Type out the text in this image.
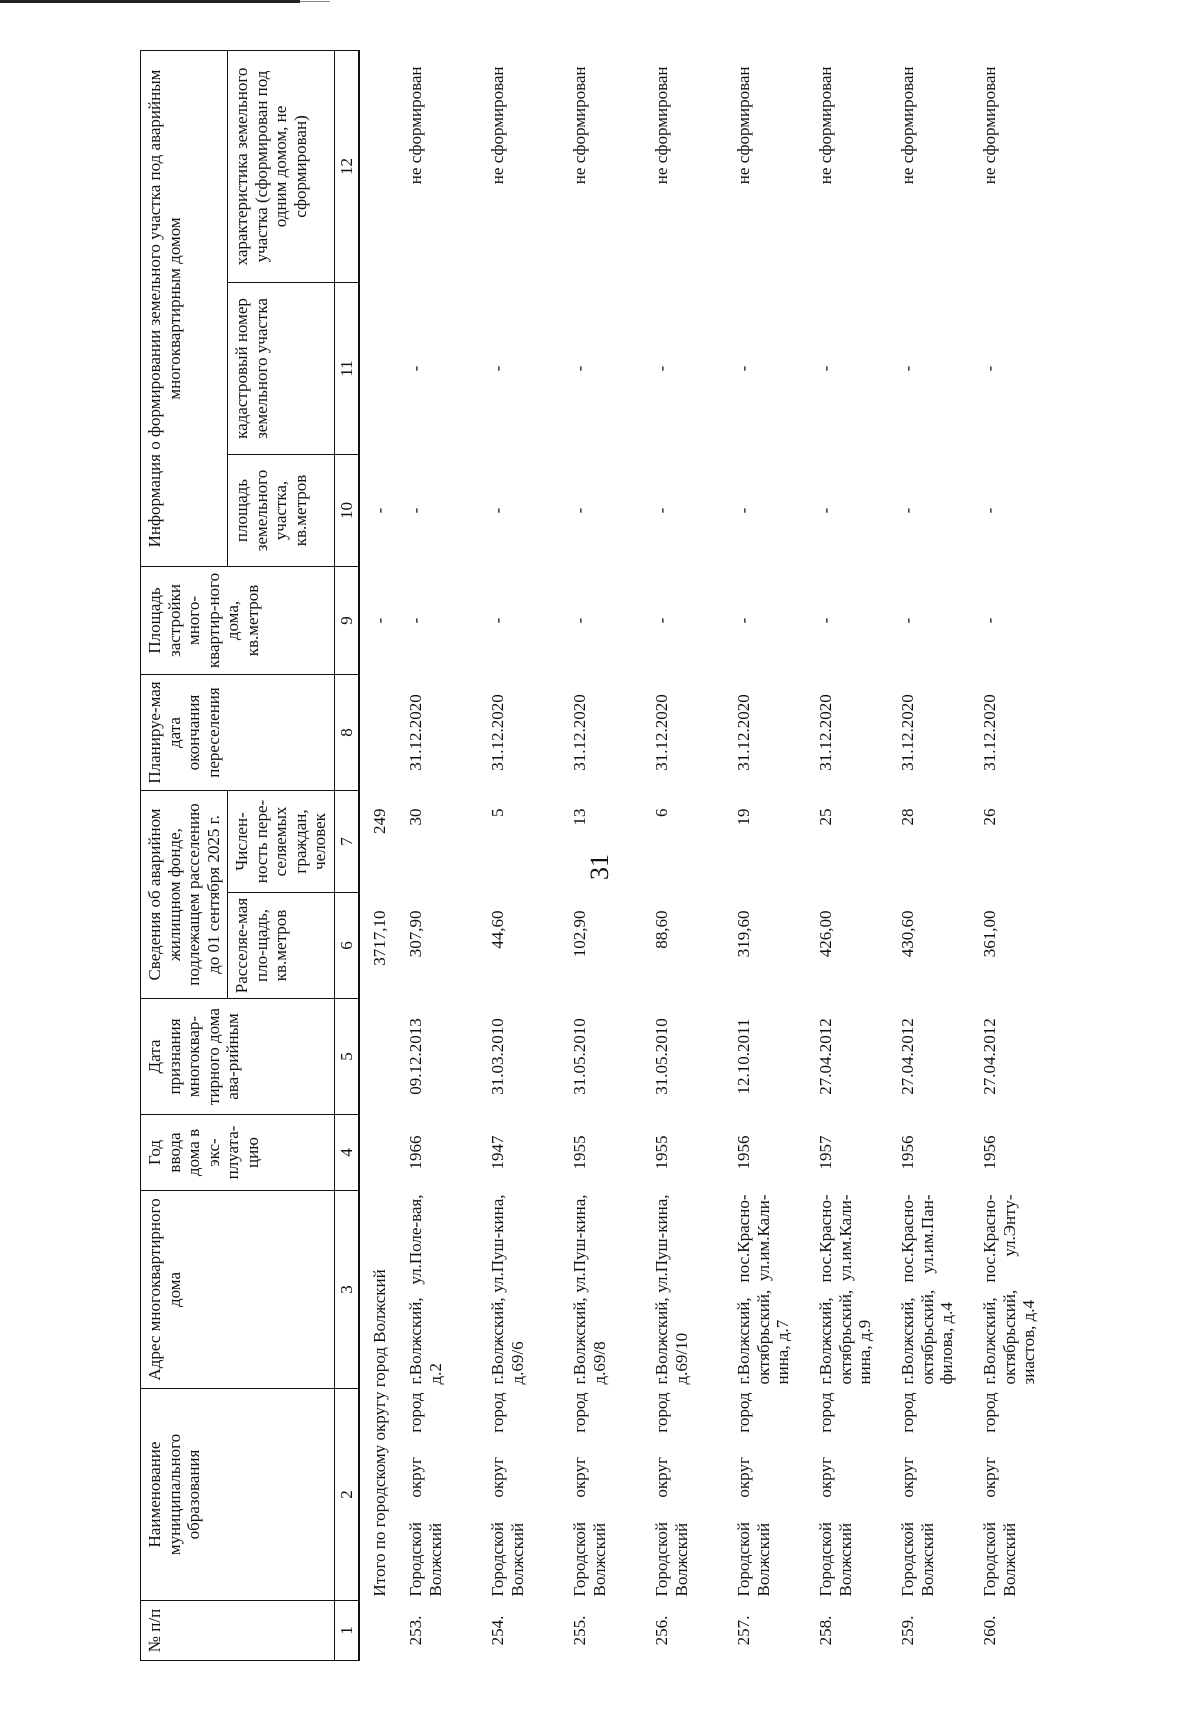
31
№ п/п	Наименование муниципального образования	Адрес многоквартирного дома	Год ввода дома в экс-плуата-цию	Дата признания многоквар-тирного дома ава-рийным	Сведения об аварийном жилищном фонде, подлежащем расселению до 01 сентября 2025 г.		Планируе-мая дата окончания переселения	Площадь застройки много-квартир-ного дома, кв.метров	Информация о формировании земельного участка под аварийным многоквартирным домом		
					Расселяе-мая пло-щадь, кв.метров	Числен-ность пере-селяемых граждан, человек			площадь земельного участка, кв.метров	кадастровый номер земельного участка	характеристика земельного участка (сформирован под одним домом, не сформирован)
1	2	3	4	5	6	7	8	9	10	11	12
	Итого по городскому округу город Волжский				3717,10	249		-	-		
253.	Городской округ город Волжский	г.Волжский, ул.Поле-вая, д.2	1966	09.12.2013	307,90	30	31.12.2020	-	-	-	не сформирован
254.	Городской округ город Волжский	г.Волжский, ул.Пуш-кина, д.69/6	1947	31.03.2010	44,60	5	31.12.2020	-	-	-	не сформирован
255.	Городской округ город Волжский	г.Волжский, ул.Пуш-кина, д.69/8	1955	31.05.2010	102,90	13	31.12.2020	-	-	-	не сформирован
256.	Городской округ город Волжский	г.Волжский, ул.Пуш-кина, д.69/10	1955	31.05.2010	88,60	6	31.12.2020	-	-	-	не сформирован
257.	Городской округ город Волжский	г.Волжский, пос.Красно-октябрьский, ул.им.Кали-нина, д.7	1956	12.10.2011	319,60	19	31.12.2020	-	-	-	не сформирован
258.	Городской округ город Волжский	г.Волжский, пос.Красно-октябрьский, ул.им.Кали-нина, д.9	1957	27.04.2012	426,00	25	31.12.2020	-	-	-	не сформирован
259.	Городской округ город Волжский	г.Волжский, пос.Красно-октябрьский, ул.им.Пан-филова, д.4	1956	27.04.2012	430,60	28	31.12.2020	-	-	-	не сформирован
260.	Городской округ город Волжский	г.Волжский, пос.Красно-октябрьский, ул.Энту-зиастов, д.4	1956	27.04.2012	361,00	26	31.12.2020	-	-	-	не сформирован
